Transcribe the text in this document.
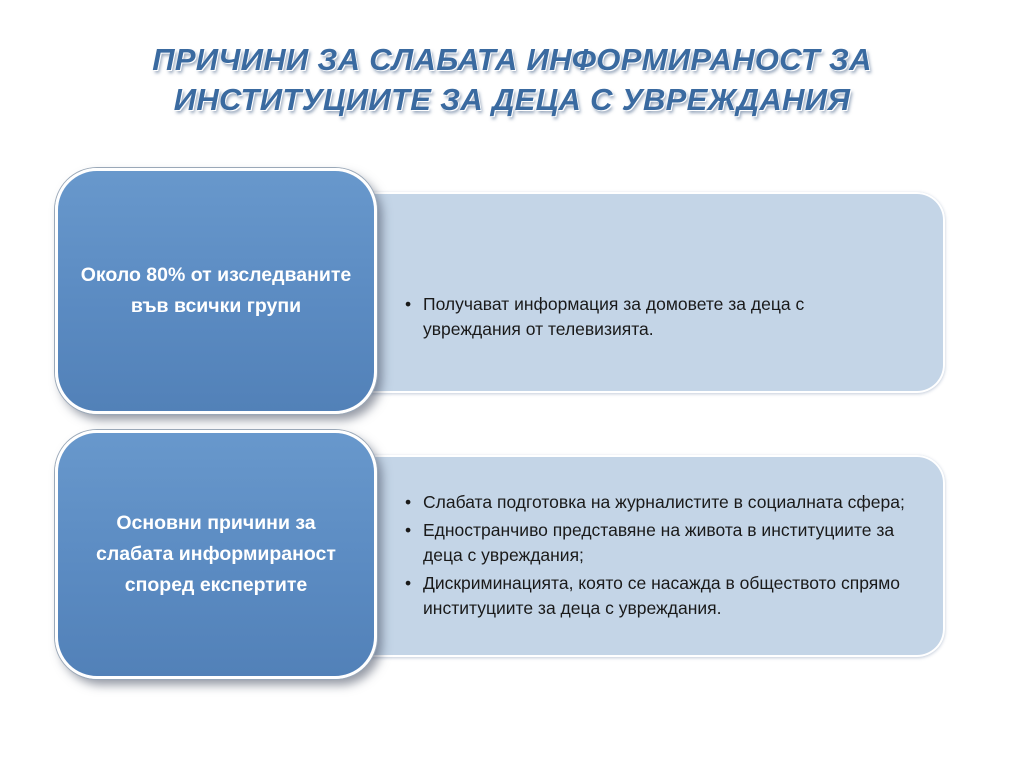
ПРИЧИНИ ЗА СЛАБАТА ИНФОРМИРАНОСТ ЗА
ИНСТИТУЦИИТЕ ЗА ДЕЦА С УВРЕЖДАНИЯ
• Получават информация за домовете за деца с увреждания от телевизията.
Около 80% от изследваните във всички групи
• Слабата подготовка на журналистите в социалната сфера;
• Едностранчиво представяне на живота в институциите за деца с увреждания;
• Дискриминацията, която се насажда в обществото спрямо институциите за деца с увреждания.
Основни причини за слабата информираност според експертите
